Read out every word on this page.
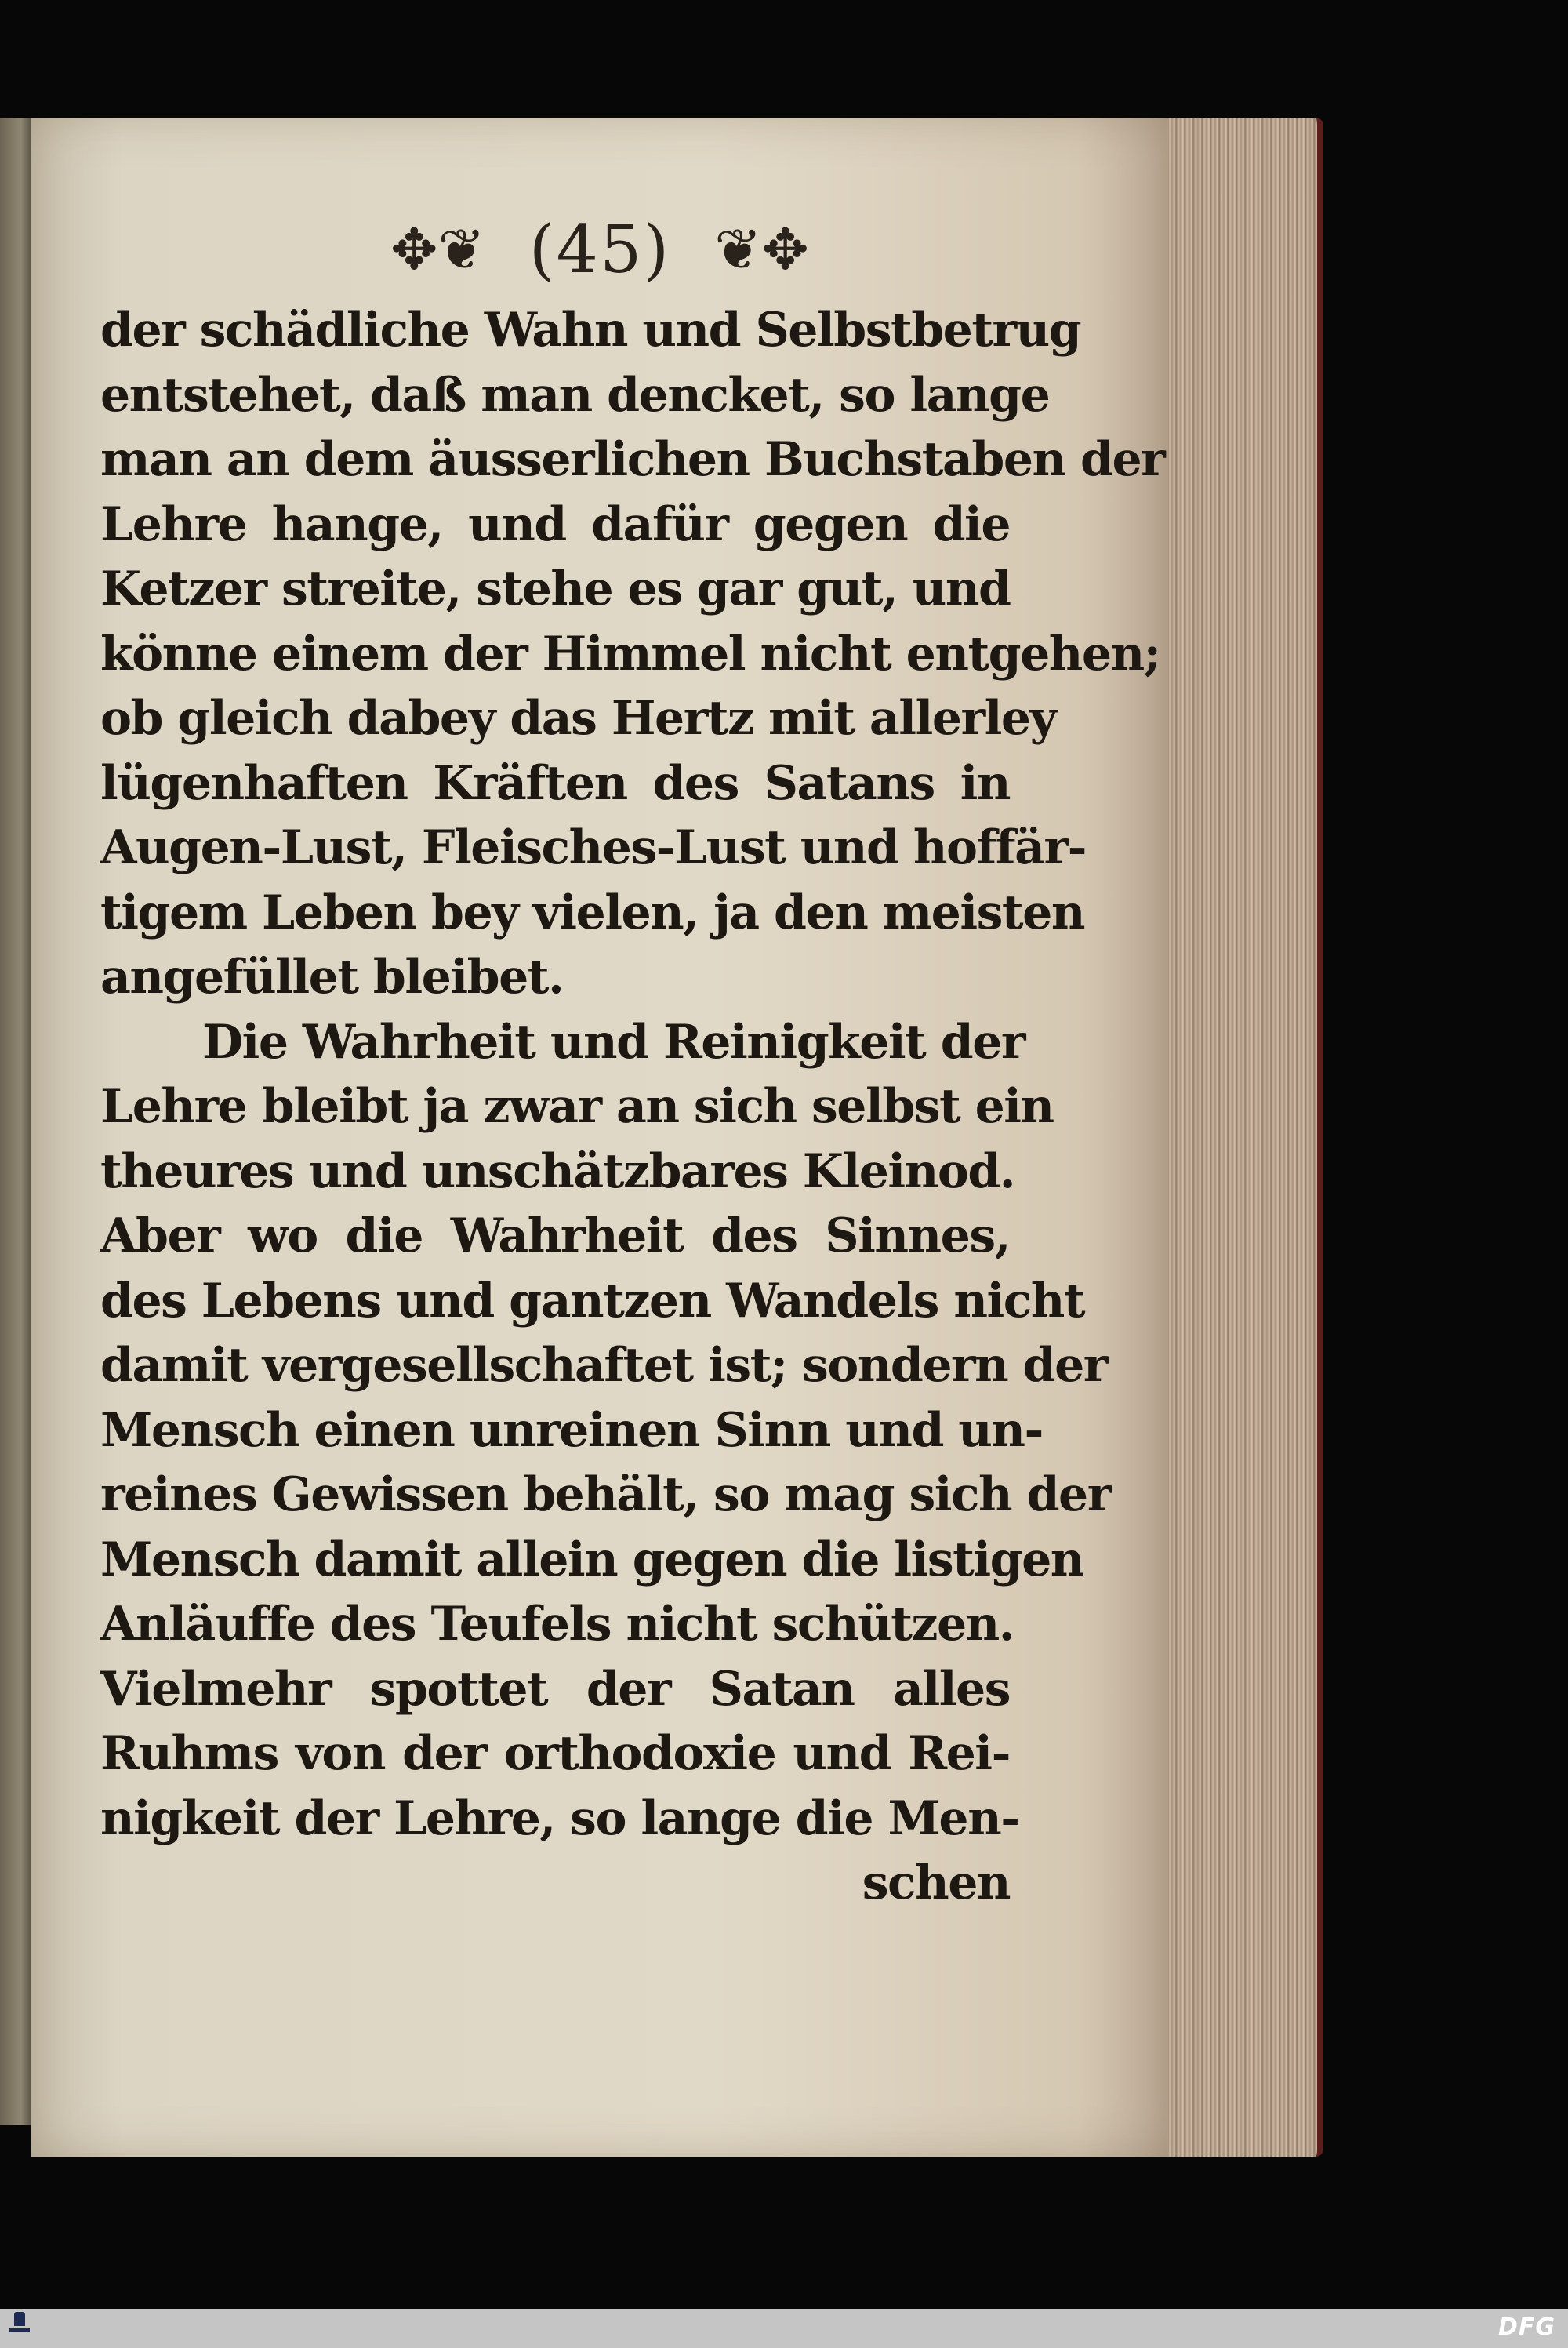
✥❦ (45) ❦✥
der schädliche Wahn und Selbstbetrug
entstehet, daß man dencket, so lange
man an dem äusserlichen Buchstaben der
Lehre hange, und dafür gegen die
Ketzer streite, stehe es gar gut, und
könne einem der Himmel nicht entgehen;
ob gleich dabey das Hertz mit allerley
lügenhaften Kräften des Satans in
Augen-Lust, Fleisches-Lust und hoffär-
tigem Leben bey vielen, ja den meisten
angefüllet bleibet.
Die Wahrheit und Reinigkeit der
Lehre bleibt ja zwar an sich selbst ein
theures und unschätzbares Kleinod.
Aber wo die Wahrheit des Sinnes,
des Lebens und gantzen Wandels nicht
damit vergesellschaftet ist; sondern der
Mensch einen unreinen Sinn und un-
reines Gewissen behält, so mag sich der
Mensch damit allein gegen die listigen
Anläuffe des Teufels nicht schützen.
Vielmehr spottet der Satan alles
Ruhms von der orthodoxie und Rei-
nigkeit der Lehre, so lange die Men-
schen
DFG
